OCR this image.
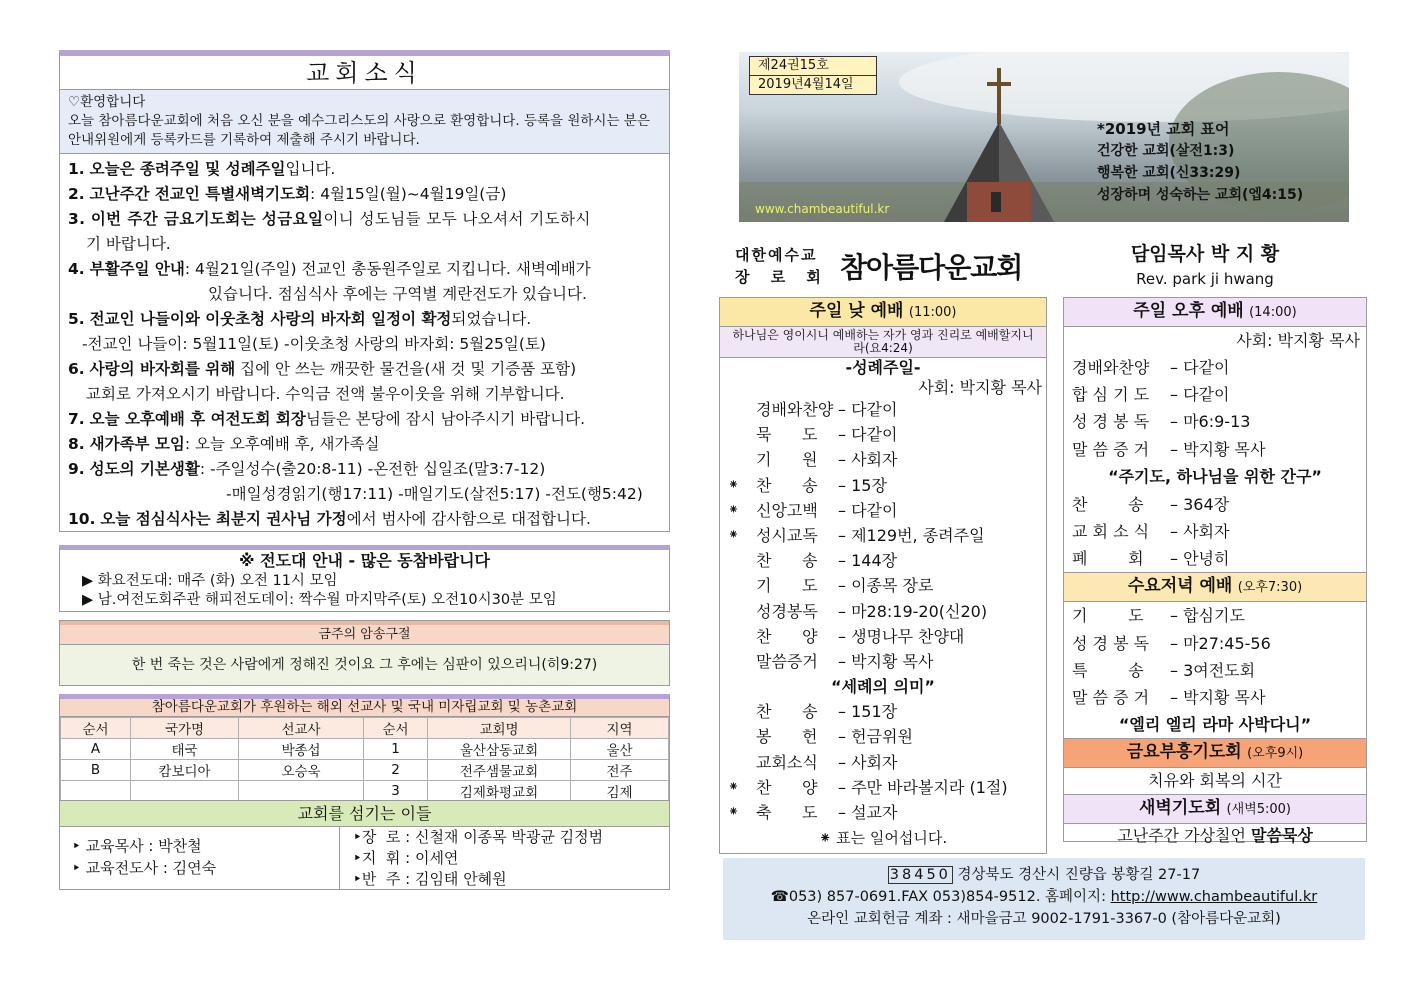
교회소식
♡환영합니다
오늘 참아름다운교회에 처음 오신 분을 예수그리스도의 사랑으로 환영합니다. 등록을 원하시는 분은 안내위원에게 등록카드를 기록하여 제출해 주시기 바랍니다.
1. 오늘은 종려주일 및 성례주일입니다.
2. 고난주간 전교인 특별새벽기도회: 4월15일(월)~4월19일(금)
3. 이번 주간 금요기도회는 성금요일이니 성도님들 모두 나오셔서 기도하시
기 바랍니다.
4. 부활주일 안내: 4월21일(주일) 전교인 총동원주일로 지킵니다. 새벽예배가
있습니다. 점심식사 후에는 구역별 계란전도가 있습니다.
5. 전교인 나들이와 이웃초청 사랑의 바자회 일정이 확정되었습니다.
-전교인 나들이: 5월11일(토) -이웃초청 사랑의 바자회: 5월25일(토)
6. 사랑의 바자회를 위해 집에 안 쓰는 깨끗한 물건을(새 것 및 기증품 포함)
교회로 가져오시기 바랍니다. 수익금 전액 불우이웃을 위해 기부합니다.
7. 오늘 오후예배 후 여전도회 회장님들은 본당에 잠시 남아주시기 바랍니다.
8. 새가족부 모임: 오늘 오후예배 후, 새가족실
9. 성도의 기본생활: -주일성수(출20:8-11) -온전한 십일조(말3:7-12)
-매일성경읽기(행17:11) -매일기도(살전5:17) -전도(행5:42)
10. 오늘 점심식사는 최분지 권사님 가정에서 범사에 감사함으로 대접합니다.
※ 전도대 안내 - 많은 동참바랍니다
▶ 화요전도대: 매주 (화) 오전 11시 모임
▶ 남.여전도회주관 해피전도데이: 짝수월 마지막주(토) 오전10시30분 모임
금주의 암송구절
한 번 죽는 것은 사람에게 정해진 것이요 그 후에는 심판이 있으리니(히9:27)
참아름다운교회가 후원하는 해외 선교사 및 국내 미자립교회 및 농촌교회
순서	국가명	선교사	순서	교회명	지역
A	태국	박종섭	1	울산삼동교회	울산
B	캄보디아	오승욱	2	전주샘물교회	전주
			3	김제화평교회	김제
교회를 섬기는 이들
‣ 교육목사 : 박찬철
‣ 교육전도사 : 김연숙
‣장  로 : 신철재 이종목 박광균 김정범
‣지  휘 : 이세연
‣반  주 : 김임태 안혜원
제24권15호
2019년4월14일
*2019년 교회 표어
건강한 교회(살전1:3)
행복한 교회(신33:29)
성장하며 성숙하는 교회(엡4:15)
www.chambeautiful.kr
대한예수교
장 로 회 참아름다운교회	담임목사 박 지 황
Rev. park ji hwang
주일 낮 예배 (11:00)
하나님은 영이시니 예배하는 자가 영과 진리로 예배할지니라(요4:24)
-성례주일-
사회: 박지황 목사
경배와찬양 – 다같이
묵      도 – 다같이
기      원 – 사회자
⁕ 찬      송 – 15장
⁕ 신앙고백 – 다같이
⁕ 성시교독 – 제129번, 종려주일
찬      송 – 144장
기      도 – 이종목 장로
성경봉독 – 마28:19-20(신20)
찬      양 – 생명나무 찬양대
말씀증거 – 박지황 목사
“세례의 의미”
찬      송 – 151장
봉      헌 – 헌금위원
교회소식 – 사회자
⁕ 찬      양 – 주만 바라볼지라 (1절)
⁕ 축      도 – 설교자
⁕ 표는 일어섭니다.
주일 오후 예배 (14:00)
사회: 박지황 목사
경배와찬양 – 다같이
합 심 기 도 – 다같이
성 경 봉 독 – 마6:9-13
말 씀 증 거 – 박지황 목사
“주기도, 하나님을 위한 간구”
찬        송 – 364장
교 회 소 식 – 사회자
폐        회 – 안녕히
수요저녁 예배 (오후7:30)
기        도 – 합심기도
성 경 봉 독 – 마27:45-56
특        송 – 3여전도회
말 씀 증 거 – 박지황 목사
“엘리 엘리 라마 사박다니”
금요부흥기도회 (오후9시)
치유와 회복의 시간
새벽기도회 (새벽5:00)
고난주간 가상칠언 말씀묵상
38450 경상북도 경산시 진량읍 봉황길 27-17
☎053) 857-0691.FAX 053)854-9512. 홈페이지: http://www.chambeautiful.kr
온라인 교회헌금 계좌 : 새마을금고 9002-1791-3367-0 (참아름다운교회)
